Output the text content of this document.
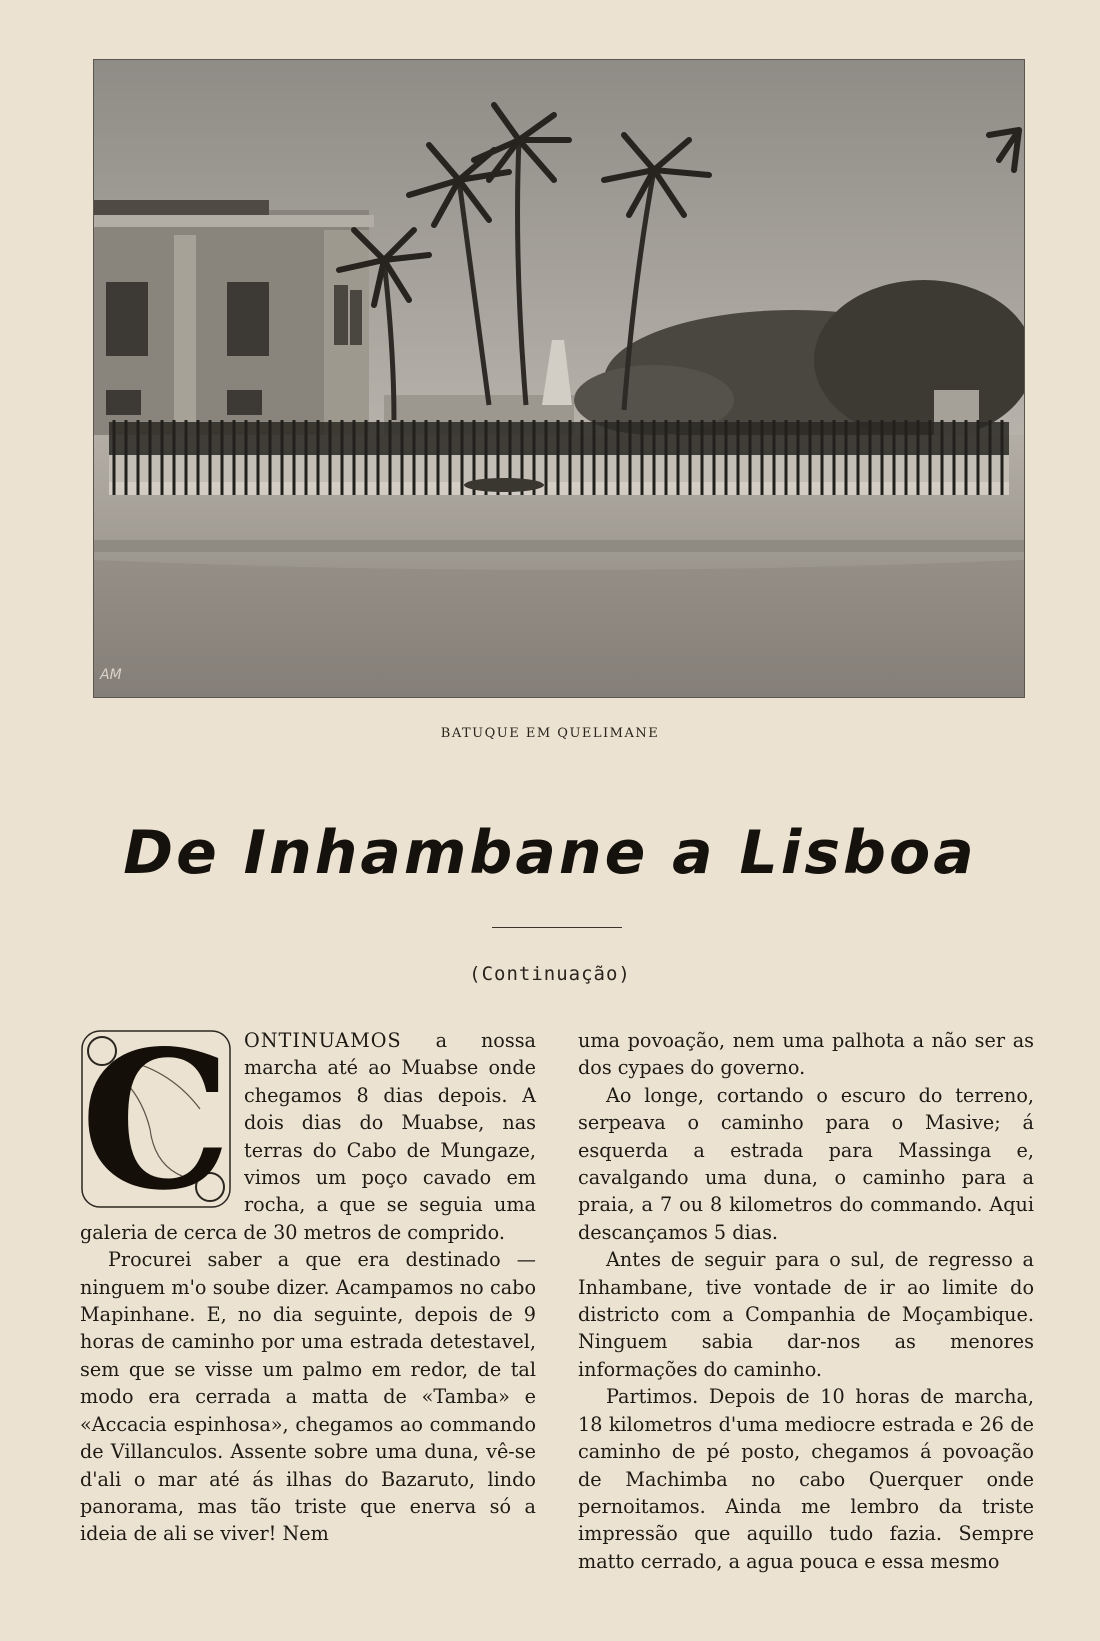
AM
BATUQUE EM QUELIMANE
De Inhambane a Lisboa
(Continuação)
C ONTINUAMOS a nossa marcha até ao Muabse onde chegamos 8 dias depois. A dois dias do Muabse, nas terras do Cabo de Mungaze, vimos um poço cavado em rocha, a que se seguia uma galeria de cerca de 30 metros de comprido.

Procurei saber a que era destinado — ninguem m'o soube dizer. Acampamos no cabo Mapinhane. E, no dia seguinte, depois de 9 horas de caminho por uma estrada detestavel, sem que se visse um palmo em redor, de tal modo era cerrada a matta de «Tamba» e «Accacia espinhosa», chegamos ao commando de Villanculos. Assente sobre uma duna, vê-se d'ali o mar até ás ilhas do Bazaruto, lindo panorama, mas tão triste que enerva só a ideia de ali se viver! Nem

uma povoação, nem uma palhota a não ser as dos cypaes do governo.

Ao longe, cortando o escuro do terreno, serpeava o caminho para o Masive; á esquerda a estrada para Massinga e, cavalgando uma duna, o caminho para a praia, a 7 ou 8 kilometros do commando. Aqui descançamos 5 dias.

Antes de seguir para o sul, de regresso a Inhambane, tive vontade de ir ao limite do districto com a Companhia de Moçambique. Ninguem sabia dar-nos as menores informações do caminho.

Partimos. Depois de 10 horas de marcha, 18 kilometros d'uma mediocre estrada e 26 de caminho de pé posto, chegamos á povoação de Machimba no cabo Querquer onde pernoitamos. Ainda me lembro da triste impressão que aquillo tudo fazia. Sempre matto cerrado, a agua pouca e essa mesmo
